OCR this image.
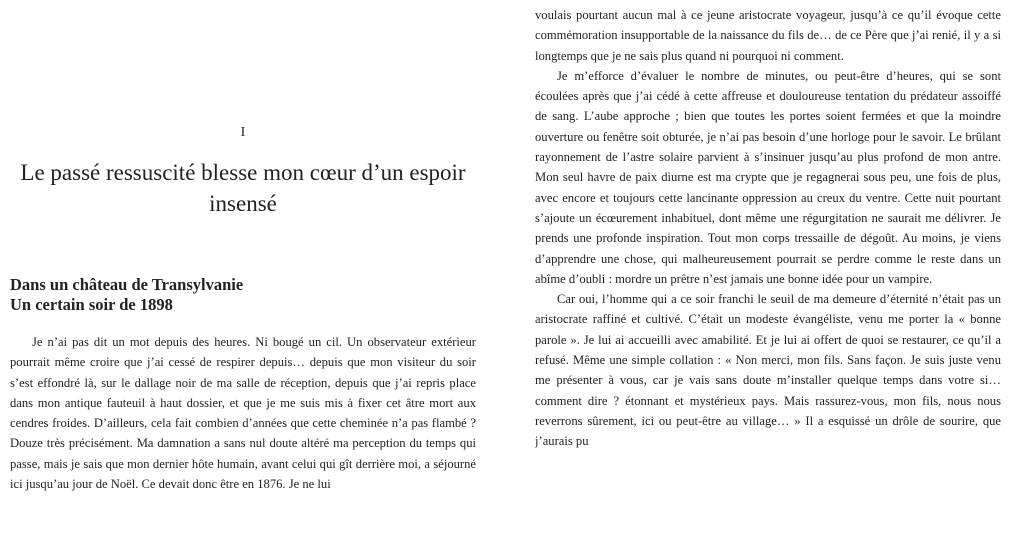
I
Le passé ressuscité blesse mon cœur d’un espoir insensé
Dans un château de Transylvanie
Un certain soir de 1898

Je n’ai pas dit un mot depuis des heures. Ni bougé un cil. Un observateur extérieur pourrait même croire que j’ai cessé de respirer depuis… depuis que mon visiteur du soir s’est effondré là, sur le dallage noir de ma salle de réception, depuis que j’ai repris place dans mon antique fauteuil à haut dossier, et que je me suis mis à fixer cet âtre mort aux cendres froides. D’ailleurs, cela fait combien d’années que cette cheminée n’a pas flambé ? Douze très précisément. Ma damnation a sans nul doute altéré ma perception du temps qui passe, mais je sais que mon dernier hôte humain, avant celui qui gît derrière moi, a séjourné ici jusqu’au jour de Noël. Ce devait donc être en 1876. Je ne lui

voulais pourtant aucun mal à ce jeune aristocrate voyageur, jusqu’à ce qu’il évoque cette commémoration insupportable de la naissance du fils de… de ce Père que j’ai renié, il y a si longtemps que je ne sais plus quand ni pourquoi ni comment.

Je m’efforce d’évaluer le nombre de minutes, ou peut-être d’heures, qui se sont écoulées après que j’ai cédé à cette affreuse et douloureuse tentation du prédateur assoiffé de sang. L’aube approche ; bien que toutes les portes soient fermées et que la moindre ouverture ou fenêtre soit obturée, je n’ai pas besoin d’une horloge pour le savoir. Le brûlant rayonnement de l’astre solaire parvient à s’insinuer jusqu’au plus profond de mon antre. Mon seul havre de paix diurne est ma crypte que je regagnerai sous peu, une fois de plus, avec encore et toujours cette lancinante oppression au creux du ventre. Cette nuit pourtant s’ajoute un écœurement inhabituel, dont même une régurgitation ne saurait me délivrer. Je prends une profonde inspiration. Tout mon corps tressaille de dégoût. Au moins, je viens d’apprendre une chose, qui malheureusement pourrait se perdre comme le reste dans un abîme d’oubli : mordre un prêtre n’est jamais une bonne idée pour un vampire.

Car oui, l’homme qui a ce soir franchi le seuil de ma demeure d’éternité n’était pas un aristocrate raffiné et cultivé. C’était un modeste évangéliste, venu me porter la « bonne parole ». Je lui ai accueilli avec amabilité. Et je lui ai offert de quoi se restaurer, ce qu’il a refusé. Même une simple collation : « Non merci, mon fils. Sans façon. Je suis juste venu me présenter à vous, car je vais sans doute m’installer quelque temps dans votre si… comment dire ? étonnant et mystérieux pays. Mais rassurez-vous, mon fils, nous nous reverrons sûrement, ici ou peut-être au village… » Il a esquissé un drôle de sourire, que j’aurais pu
